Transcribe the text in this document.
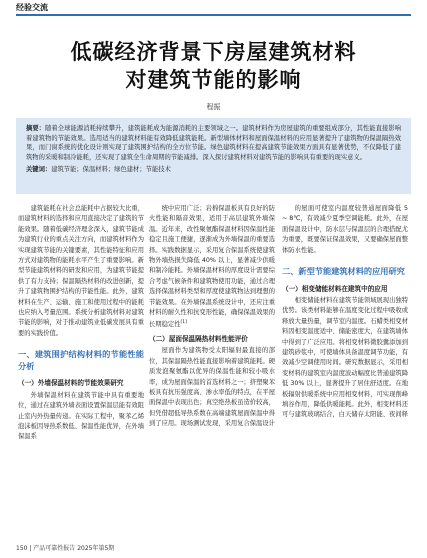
经验交流
低碳经济背景下房屋建筑材料
对建筑节能的影响
程振
摘要：随着全球能源消耗持续攀升，建筑能耗成为能源消耗的主要领域之一。建筑材料作为房屋建筑的重要组成部分，其性能直接影响着建筑物的节能效果。选用适当的建筑材料能有效降低建筑能耗。新型墙体材料和屋面保温材料的应用显著提升了建筑物的保温隔热效果，而门窗系统的优化设计则实现了建筑围护结构的全方位节能。绿色建筑材料在提高建筑节能效果方面具有显著优势，不仅降低了建筑物的采暖和制冷能耗，还实现了建筑全生命周期的节能减排。深入探讨建筑材料对建筑节能的影响具有重要的现实意义。
关键词：建筑节能；保温材料；绿色建材；节能技术

建筑能耗在社会总能耗中占据较大比重，而建筑材料的选择和应用直接决定了建筑的节能效果。随着低碳经济理念深入，建筑节能成为建筑行业的重点关注方向，而建筑材料作为实现建筑节能的关键要素，其性能特征和应用方式对建筑物的能耗水平产生了重要影响。新型节能建筑材料的研发和应用，为建筑节能提供了有力支持；保温隔热材料的改进创新，提升了建筑物围护结构的节能性能。此外，建筑材料在生产、运输、施工和使用过程中的能耗也应纳入考量范围。系统分析建筑材料对建筑节能的影响，对于推动建筑业低碳发展具有重要的实践价值。

一、建筑围护结构材料的节能性能分析
（一）外墙保温材料的节能效果研究

外墙保温材料在建筑节能中具有重要地位，通过在建筑外墙表面设置保温层能有效阻止室内外热量传递。在实际工程中，聚苯乙烯泡沫板因导热系数低、保温性能优异，在外墙保温系

统中应用广泛；岩棉保温板具有良好的防火性能和隔音效果，适用于高层建筑外墙保温。近年来，改性聚氨酯保温材料因保温性能稳定且施工便捷，逐渐成为外墙保温的重要选择。实践数据显示，采用复合保温系统使建筑物外墙热损失降低 40% 以上，显著减少供暖和制冷能耗。外墙保温材料的厚度设计需要综合考虑气候条件和建筑物使用功能，通过合理选择保温材料类型和厚度使建筑物达到理想的节能效果。在外墙保温系统设计中，还应注重材料的耐久性和抗变形性能，确保保温效果的长期稳定性[1]

（二）屋面保温隔热材料性能评价

屋面作为建筑物受太阳辐射最直接的部位，其保温隔热性能直接影响着建筑能耗。硬质发泡聚氨酯以优异的保温性能和较小吸水率，成为屋面保温的首选材料之一；挤塑聚苯板具有抗压强度高、渗水率低的特点，在平屋面保温中表现出色；真空绝热板虽造价较高，但凭借超低导热系数在高端建筑屋面保温中得到了应用。现场测试发现，采用复合保温设计

的屋面可使室内温度较普通屋面降低 5 ~ 8℃，有效减少夏季空调能耗。此外，在屋面保温设计中，防水层与保温层的合理搭配尤为重要，既要保证保温效果，又要确保屋面整体防水性能。

二、新型节能建筑材料的应用研究
（一）相变储能材料在建筑中的应用

相变储能材料在建筑节能领域展现出独特优势。该类材料能够在温度变化过程中吸收或释放大量热量，调节室内温度。石蜡类相变材料因相变温度适中、储能密度大，在建筑墙体中得到了广泛应用。将相变材料微胶囊添加到建筑砂浆中，可使墙体具备温度调节功能，有效减少空调使用时间。研究数据显示，采用相变材料的建筑室内温度波动幅度比普通建筑降低 30% 以上，显著提升了居住舒适度。在地板辐射供暖系统中应用相变材料，可实现削峰填谷作用，降低供暖能耗。此外，相变材料还可与建筑玻璃结合，白天储存太阳能、夜间释

150 | 产品可靠性报告 2025年第5期
